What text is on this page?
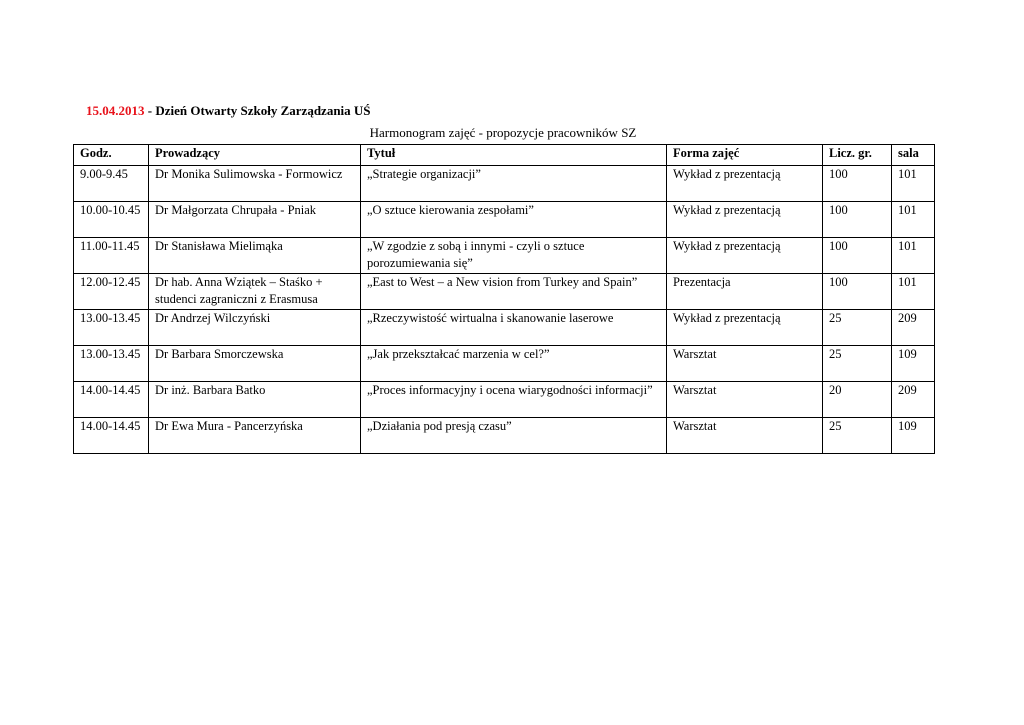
15.04.2013 - Dzień Otwarty Szkoły Zarządzania UŚ
Harmonogram zajęć - propozycje pracowników SZ
Godz.	Prowadzący	Tytuł	Forma zajęć	Licz. gr.	sala
9.00-9.45	Dr Monika Sulimowska - Formowicz	„Strategie organizacji”	Wykład z prezentacją	100	101
10.00-10.45	Dr Małgorzata Chrupała - Pniak	„O sztuce kierowania zespołami”	Wykład z prezentacją	100	101
11.00-11.45	Dr Stanisława Mielimąka	„W zgodzie z sobą i innymi - czyli o sztuce porozumiewania się”	Wykład z prezentacją	100	101
12.00-12.45	Dr hab. Anna Wziątek – Staśko + studenci zagraniczni z Erasmusa	„East to West – a New vision from Turkey and Spain”	Prezentacja	100	101
13.00-13.45	Dr Andrzej Wilczyński	„Rzeczywistość wirtualna i skanowanie laserowe	Wykład z prezentacją	25	209
13.00-13.45	Dr Barbara Smorczewska	„Jak przekształcać marzenia w cel?”	Warsztat	25	109
14.00-14.45	Dr inż. Barbara Batko	„Proces informacyjny i ocena wiarygodności informacji”	Warsztat	20	209
14.00-14.45	Dr Ewa Mura - Pancerzyńska	„Działania pod presją czasu”	Warsztat	25	109
